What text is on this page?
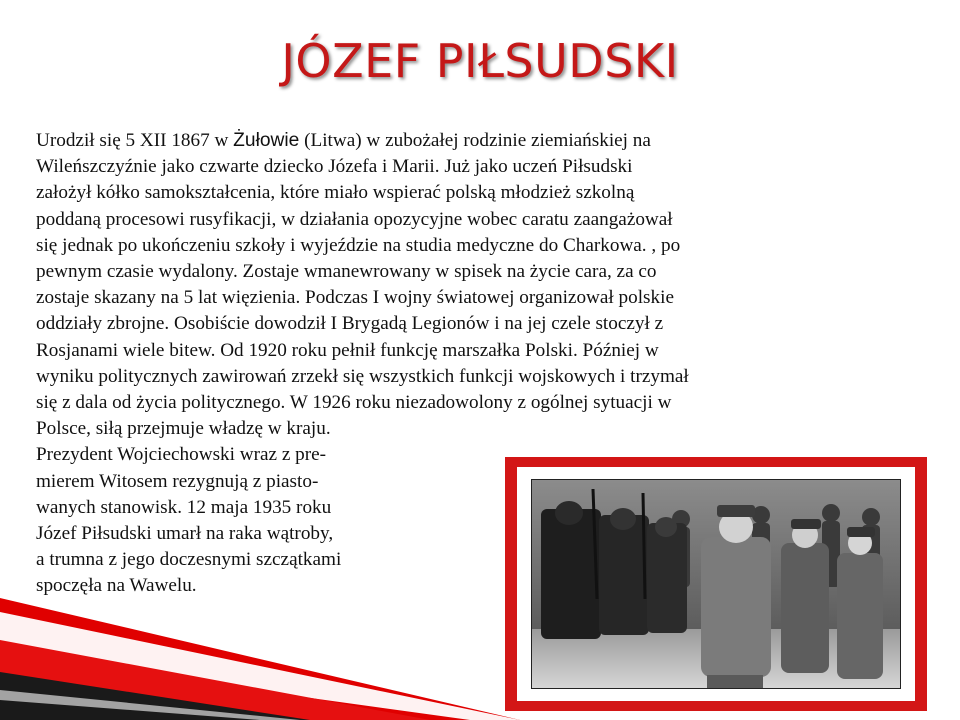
JÓZEF PIŁSUDSKI
Urodził się 5 XII 1867 w Żułowie (Litwa) w zubożałej rodzinie ziemiańskiej na
Wileńszczyźnie jako czwarte dziecko Józefa i Marii. Już jako uczeń Piłsudski
założył kółko samokształcenia, które miało wspierać polską młodzież szkolną
poddaną procesowi rusyfikacji, w działania opozycyjne wobec caratu zaangażował
się jednak po ukończeniu szkoły i wyjeździe na studia medyczne do Charkowa. , po
pewnym czasie wydalony. Zostaje wmanewrowany w spisek na życie cara, za co
zostaje skazany na 5 lat więzienia. Podczas I wojny światowej organizował polskie
oddziały zbrojne. Osobiście dowodził I Brygadą Legionów i na jej czele stoczył z
Rosjanami wiele bitew. Od 1920 roku pełnił funkcję marszałka Polski. Później w
wyniku politycznych zawirowań zrzekł się wszystkich funkcji wojskowych i trzymał
się z dala od życia politycznego. W 1926 roku niezadowolony z ogólnej sytuacji w
Polsce, siłą przejmuje władzę w kraju.
Prezydent Wojciechowski wraz z pre-
mierem Witosem rezygnują z piasto-
wanych stanowisk. 12 maja 1935 roku
Józef Piłsudski umarł na raka wątroby,
a trumna z jego doczesnymi szczątkami
spoczęła na Wawelu.
